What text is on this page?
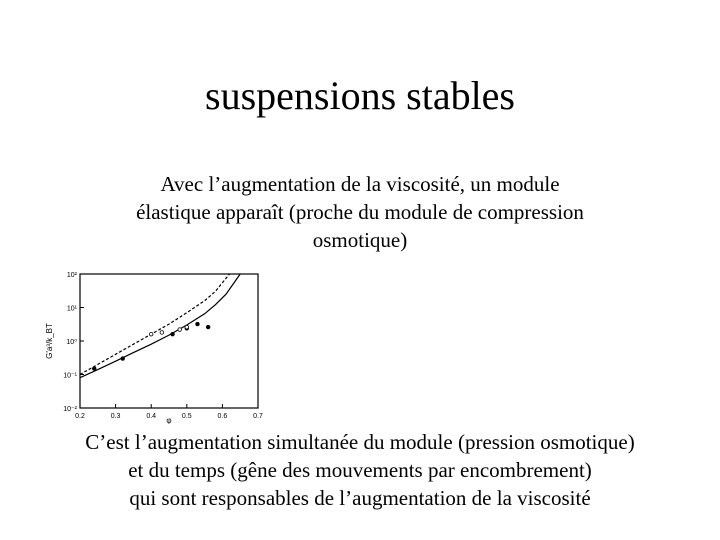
suspensions stables
Avec l’augmentation de la viscosité, un module
élastique apparaît (proche du module de compression
osmotique)
G'a³/k_BT
φ
0.2	0.3	0.4	0.5	0.6	0.7
10⁻²
10⁻¹
10⁰
10¹
10²
C’est l’augmentation simultanée du module (pression osmotique)
et du temps (gêne des mouvements par encombrement)
qui sont responsables de l’augmentation de la viscosité
